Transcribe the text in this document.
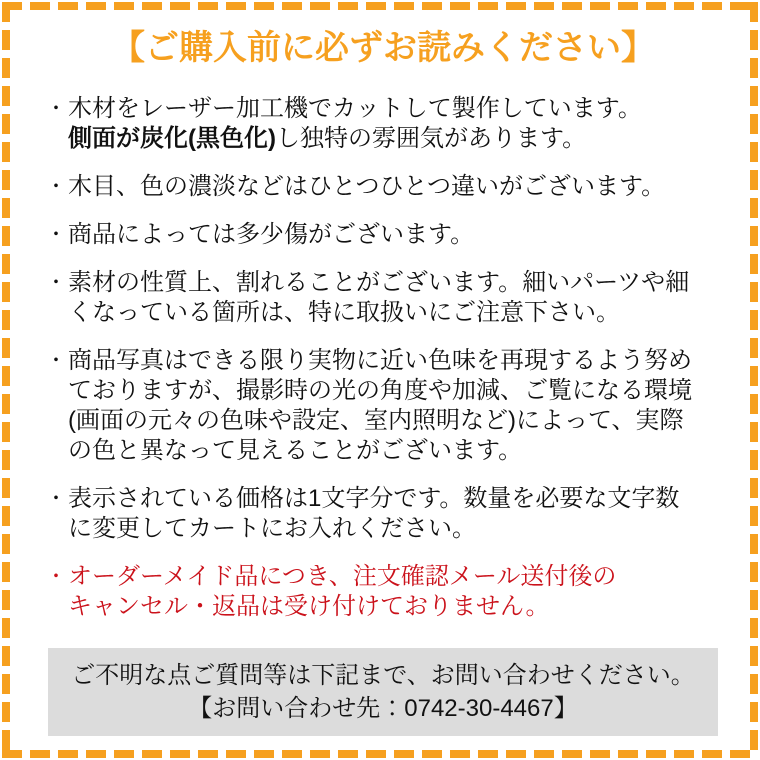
【ご購入前に必ずお読みください】
・ 木材をレーザー加工機でカットして製作しています。
側面が炭化(黒色化)し独特の雰囲気があります。
・ 木目、色の濃淡などはひとつひとつ違いがございます。
・ 商品によっては多少傷がございます。
・ 素材の性質上、割れることがございます。細いパーツや細
くなっている箇所は、特に取扱いにご注意下さい。
・ 商品写真はできる限り実物に近い色味を再現するよう努め
ておりますが、撮影時の光の角度や加減、ご覧になる環境
(画面の元々の色味や設定、室内照明など)によって、実際
の色と異なって見えることがございます。
・ 表示されている価格は1文字分です。数量を必要な文字数
に変更してカートにお入れください。
・ オーダーメイド品につき、注文確認メール送付後の
キャンセル・返品は受け付けておりません。
ご不明な点ご質問等は下記まで、お問い合わせください。
【お問い合わせ先：0742-30-4467】
